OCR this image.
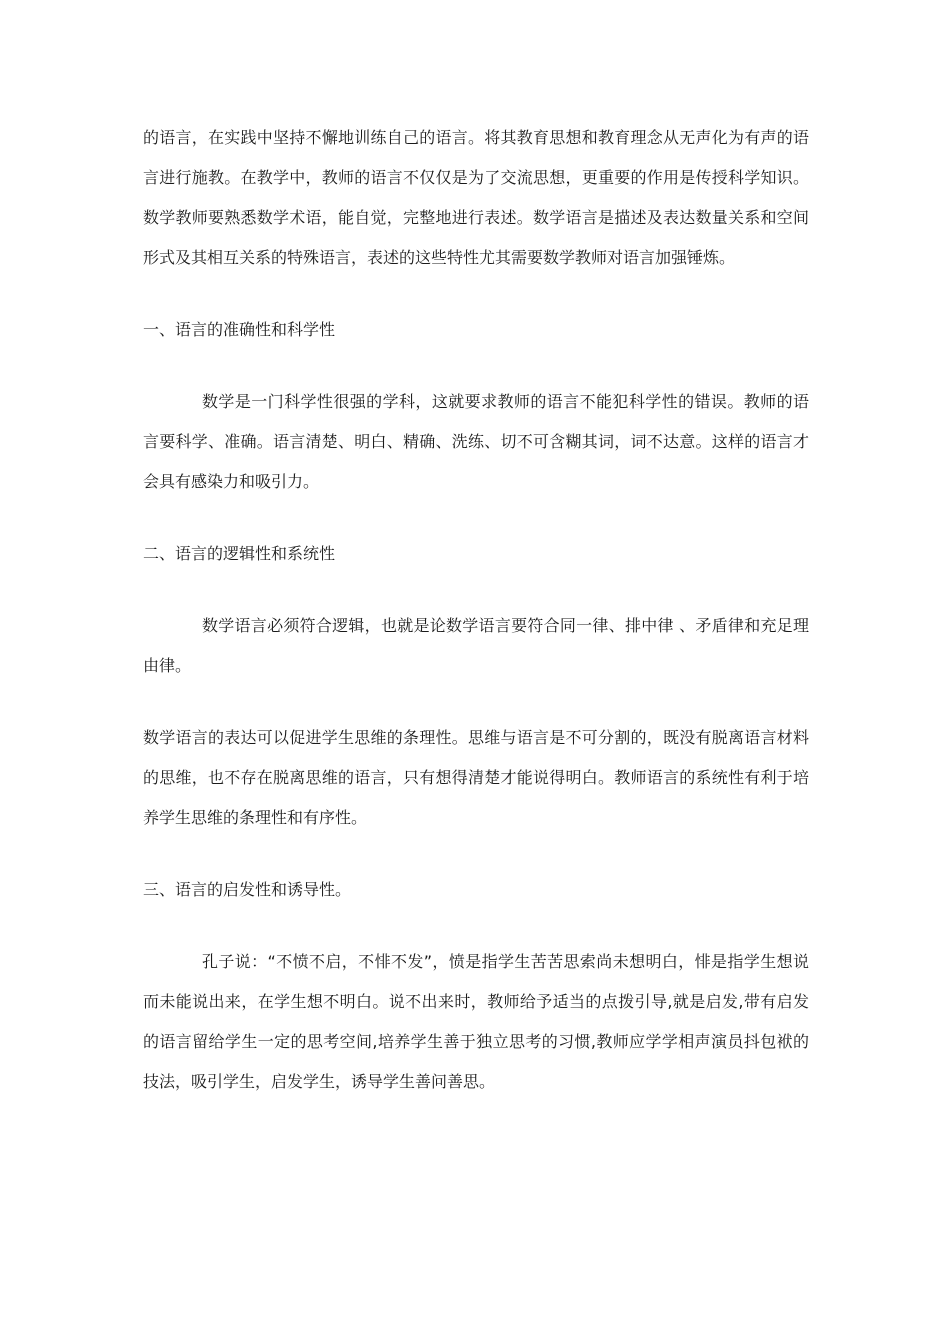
的语言，在实践中坚持不懈地训练自己的语言。将其教育思想和教育理念从无声化为有声的语言进行施教。在教学中，教师的语言不仅仅是为了交流思想，更重要的作用是传授科学知识。数学教师要熟悉数学术语，能自觉，完整地进行表述。数学语言是描述及表达数量关系和空间形式及其相互关系的特殊语言，表述的这些特性尤其需要数学教师对语言加强锤炼。

一、语言的准确性和科学性

数学是一门科学性很强的学科，这就要求教师的语言不能犯科学性的错误。教师的语言要科学、准确。语言清楚、明白、精确、洗练、切不可含糊其词，词不达意。这样的语言才会具有感染力和吸引力。

二、语言的逻辑性和系统性

数学语言必须符合逻辑，也就是论数学语言要符合同一律、排中律 、矛盾律和充足理由律。

数学语言的表达可以促进学生思维的条理性。思维与语言是不可分割的，既没有脱离语言材料的思维，也不存在脱离思维的语言，只有想得清楚才能说得明白。教师语言的系统性有利于培养学生思维的条理性和有序性。

三、语言的启发性和诱导性。

孔子说：“不愤不启，不悱不发”，愤是指学生苦苦思索尚未想明白，悱是指学生想说而未能说出来，在学生想不明白。说不出来时，教师给予适当的点拨引导,就是启发,带有启发的语言留给学生一定的思考空间,培养学生善于独立思考的习惯,教师应学学相声演员抖包袱的技法，吸引学生，启发学生，诱导学生善问善思。
